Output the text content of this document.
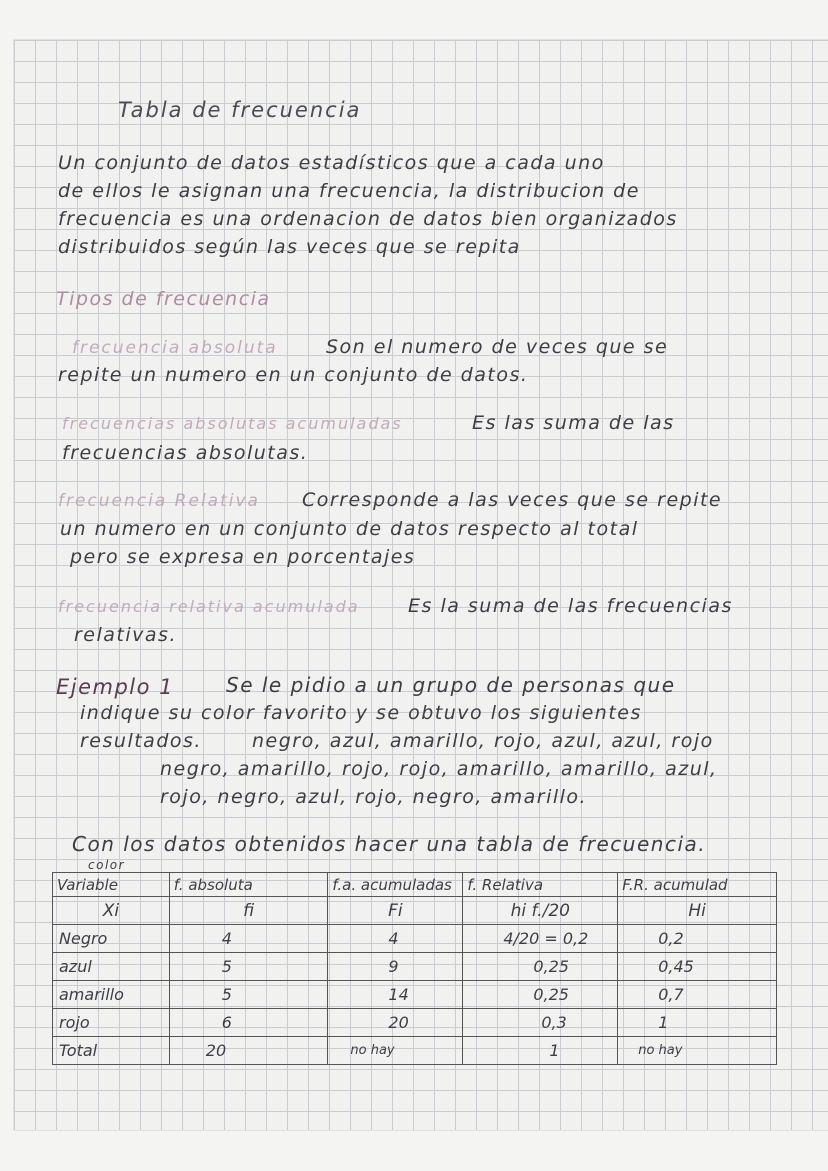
Tabla de frecuencia
Un conjunto de datos estadísticos que a cada uno
de ellos le asignan una frecuencia, la distribucion de
frecuencia es una ordenacion de datos bien organizados
distribuidos según las veces que se repita
Tipos de frecuencia
frecuencia absoluta	Son el numero de veces que se
repite un numero en un conjunto de datos.
frecuencias absolutas acumuladas	Es las suma de las
frecuencias absolutas.
frecuencia Relativa Corresponde a las veces que se repite
un numero en un conjunto de datos respecto al total
pero se expresa en porcentajes
frecuencia relativa acumulada	Es la suma de las frecuencias
relativas.
Ejemplo 1	Se le pidio a un grupo de personas que
indique su color favorito y se obtuvo los siguientes
resultados.	negro, azul, amarillo, rojo, azul, azul, rojo
negro, amarillo, rojo, rojo, amarillo, amarillo, azul,
rojo, negro, azul, rojo, negro, amarillo.
Con los datos obtenidos hacer una tabla de frecuencia.
color
Variable	f. absoluta	f.a. acumuladas	f. Relativa	F.R. acumulad
Xi	fi	Fi	hi f./20	Hi
Negro	4	4	4/20 = 0,2	0,2
azul	5	9	0,25	0,45
amarillo	5	14	0,25	0,7
rojo	6	20	0,3	1
Total	20	no hay	1	no hay
